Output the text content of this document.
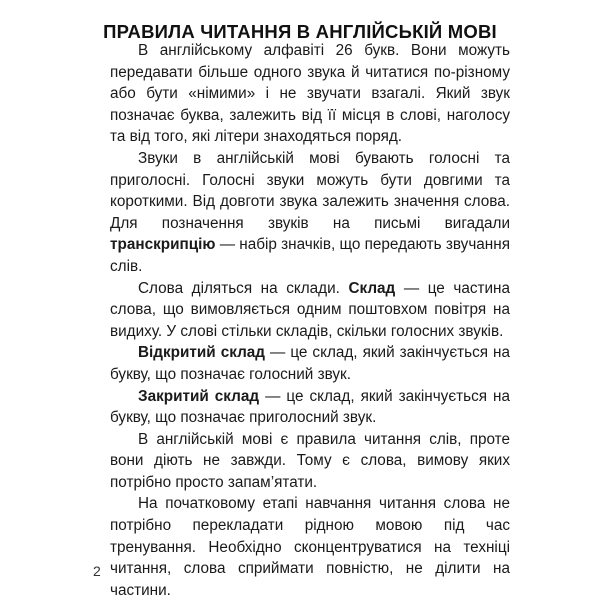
ПРАВИЛА ЧИТАННЯ В АНГЛІЙСЬКІЙ МОВІ

В англійському алфавіті 26 букв. Вони можуть передавати більше одного звука й читатися по-різному або бути «німими» і не звучати взагалі. Який звук позначає буква, залежить від її місця в слові, наголосу та від того, які літери знаходяться поряд.

Звуки в англійській мові бувають голосні та приголосні. Голосні звуки можуть бути довгими та короткими. Від довготи звука залежить значення слова. Для позначення звуків на письмі вигадали транскрипцію — набір значків, що передають звучання слів.

Слова діляться на склади. Склад — це частина слова, що вимовляється одним поштовхом повітря на видиху. У слові стільки складів, скільки голосних звуків.

Відкритий склад — це склад, який закінчується на букву, що позначає голосний звук.

Закритий склад — це склад, який закінчується на букву, що позначає приголосний звук.

В англійській мові є правила читання слів, проте вони діють не завжди. Тому є слова, вимову яких потрібно просто запам’ятати.

На початковому етапі навчання читання слова не потрібно перекладати рідною мовою під час тренування. Необхідно сконцентруватися на техніці читання, слова сприймати повністю, не ділити на частини.

2
